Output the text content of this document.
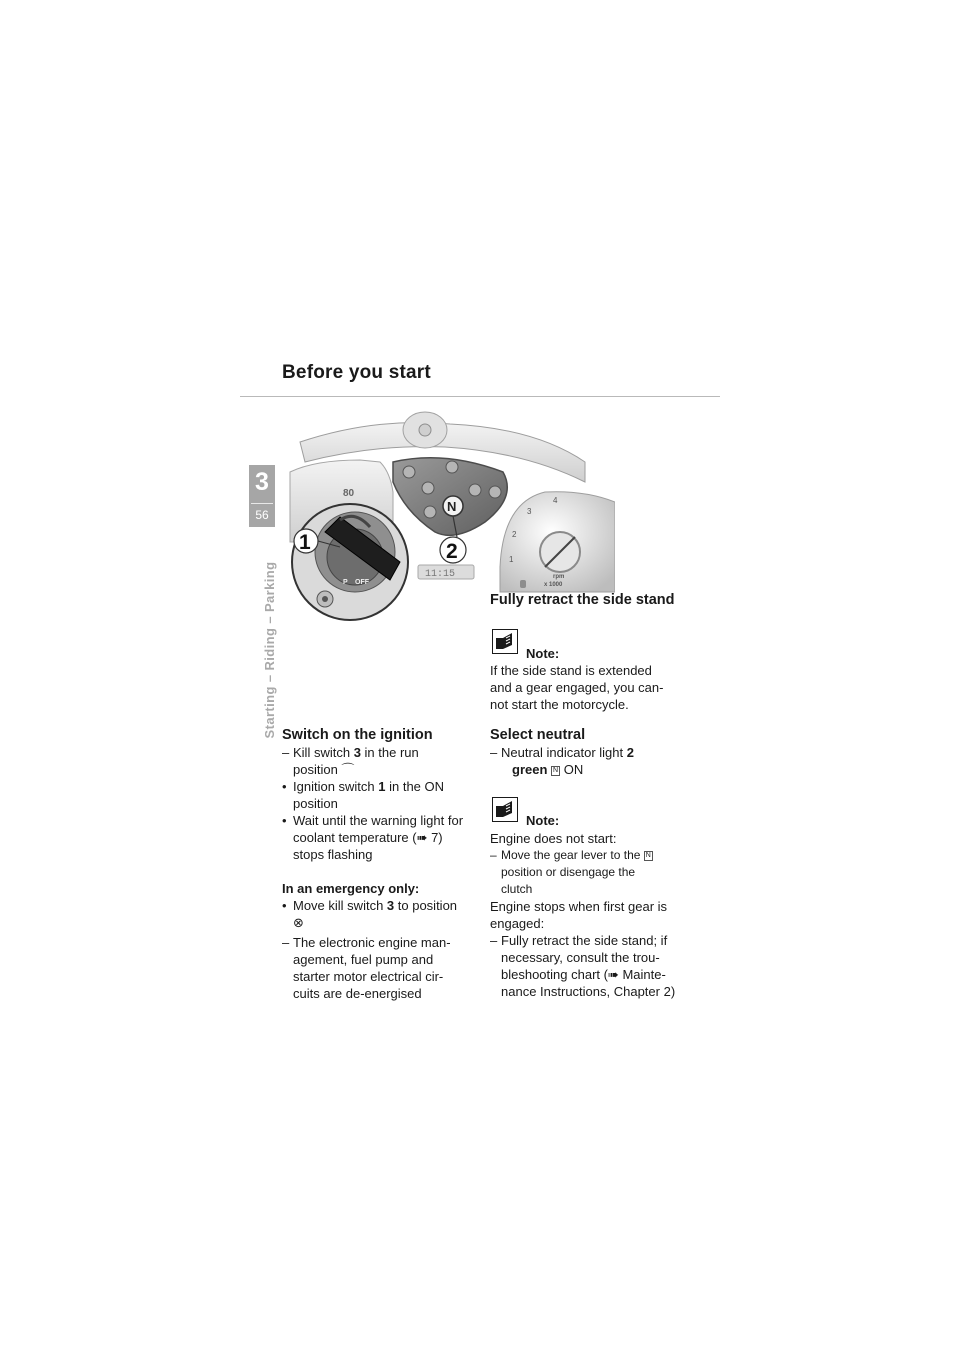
Before you start
3
56
Starting – Riding – Parking
80
N
1
2
3
4
rpm
x 1000
11:15
OFF
P
1	2
Fully retract the side stand
Note:
If the side stand is extended
and a gear engaged, you can-
not start the motorcycle.
Select neutral
– Neutral indicator light 2
green N ON
Note:
Engine does not start:
– Move the gear lever to the N
position or disengage the
clutch
Engine stops when first gear is
engaged:
– Fully retract the side stand; if
necessary, consult the trou-
bleshooting chart (➠ Mainte-
nance Instructions, Chapter 2)
Switch on the ignition
– Kill switch 3 in the run
position ⌒
• Ignition switch 1 in the ON
position
• Wait until the warning light for
coolant temperature (➠ 7)
stops flashing
In an emergency only:
• Move kill switch 3 to position
⊗
– The electronic engine man-
agement, fuel pump and
starter motor electrical cir-
cuits are de-energised
